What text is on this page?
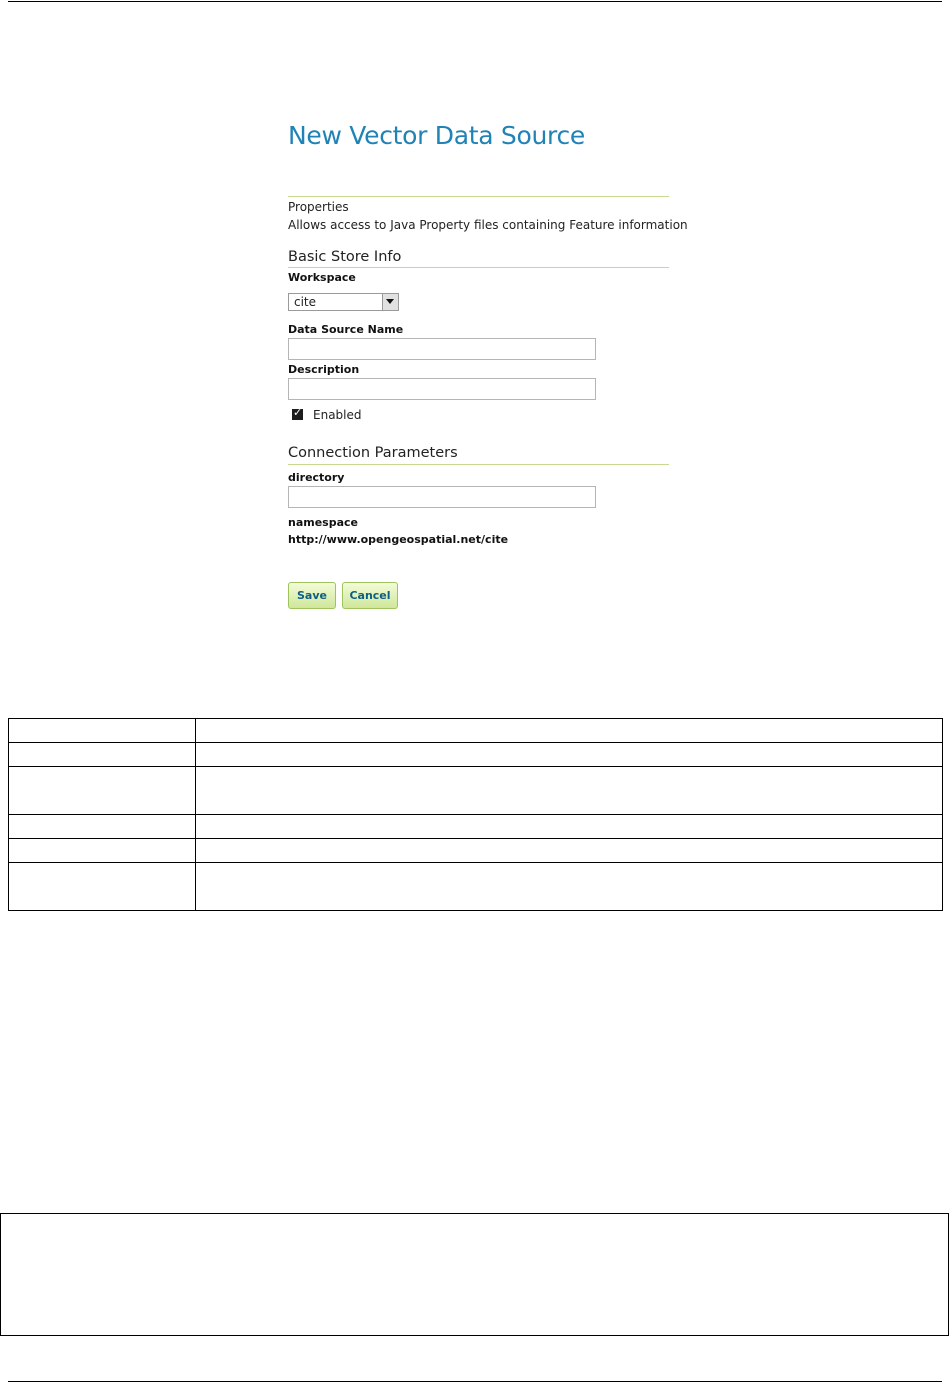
New Vector Data Source
Properties
Allows access to Java Property files containing Feature information
Basic Store Info
Workspace
cite
Data Source Name
Description
✓ Enabled
Connection Parameters
directory
namespace
http://www.opengeospatial.net/cite
Save	Cancel
